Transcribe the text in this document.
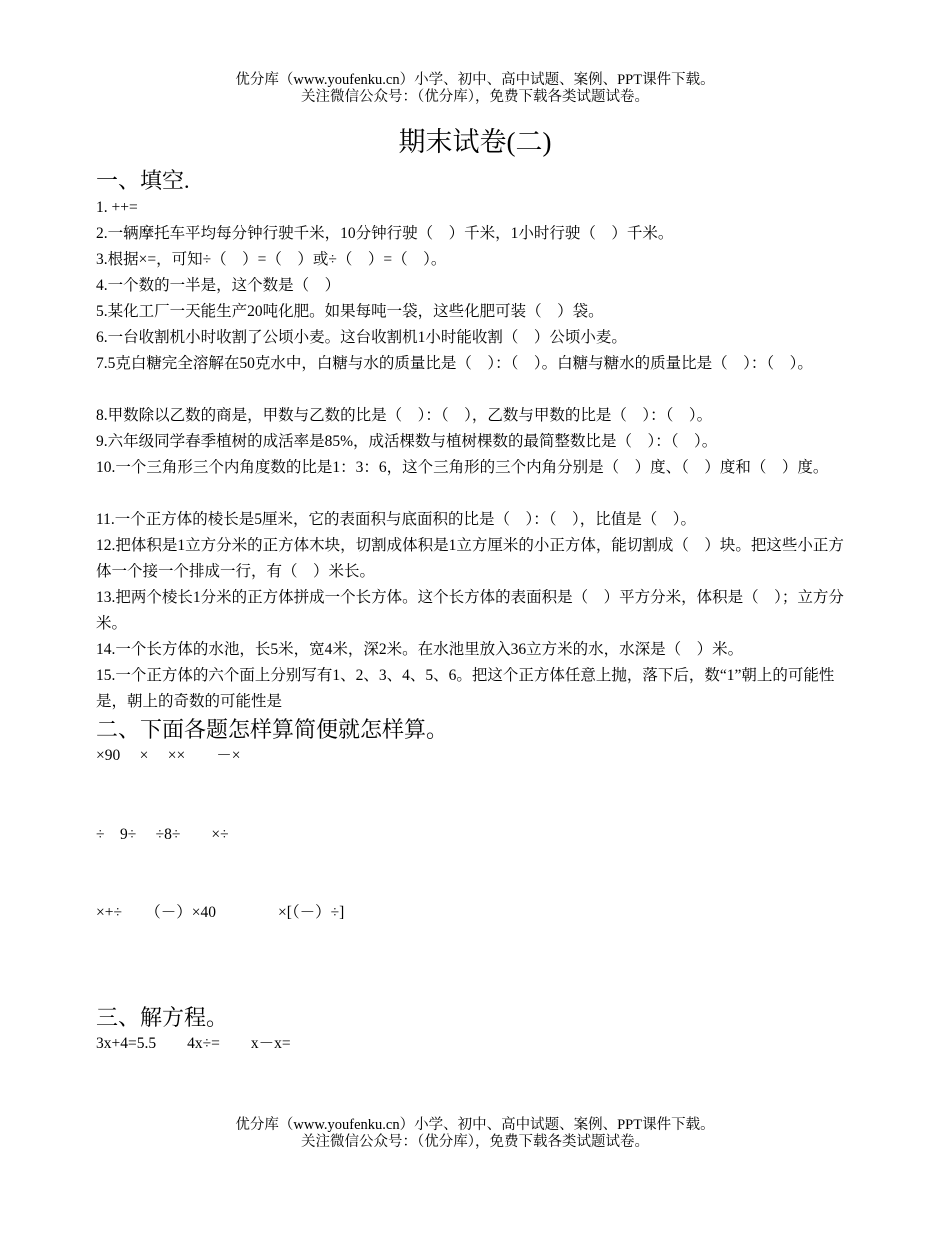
优分库（www.youfenku.cn）小学、初中、高中试题、案例、PPT课件下载。
关注微信公众号：（优分库），免费下载各类试题试卷。
期末试卷(二)
一、填空.
1. ++=
2.一辆摩托车平均每分钟行驶千米，10分钟行驶（　）千米，1小时行驶（　）千米。
3.根据×=，可知÷（　）=（　）或÷（　）=（　）。
4.一个数的一半是，这个数是（　）
5.某化工厂一天能生产20吨化肥。如果每吨一袋，这些化肥可装（　）袋。
6.一台收割机小时收割了公顷小麦。这台收割机1小时能收割（　）公顷小麦。
7.5克白糖完全溶解在50克水中，白糖与水的质量比是（　）：（　）。白糖与糖水的质量比是（　）：（　）。
8.甲数除以乙数的商是，甲数与乙数的比是（　）：（　），乙数与甲数的比是（　）：（　）。
9.六年级同学春季植树的成活率是85%，成活棵数与植树棵数的最简整数比是（　）：（　）。
10.一个三角形三个内角度数的比是1：3：6，这个三角形的三个内角分别是（　）度、（　）度和（　）度。
11.一个正方体的棱长是5厘米，它的表面积与底面积的比是（　）：（　），比值是（　）。
12.把体积是1立方分米的正方体木块，切割成体积是1立方厘米的小正方体，能切割成（　）块。把这些小正方体一个接一个排成一行，有（　）米长。
13.把两个棱长1分米的正方体拼成一个长方体。这个长方体的表面积是（　）平方分米，体积是（　）；立方分米。
14.一个长方体的水池，长5米，宽4米，深2米。在水池里放入36立方米的水，水深是（　）米。
15.一个正方体的六个面上分别写有1、2、3、4、5、6。把这个正方体任意上抛，落下后，数“1”朝上的可能性是，朝上的奇数的可能性是
二、下面各题怎样算简便就怎样算。
×90　 ×　 ××　　－×
÷　9÷　 ÷8÷　　×÷
×+÷　　（－）×40　　　　×[（－）÷]
三、解方程。
3x+4=5.5　　4x÷=　　x－x=
优分库（www.youfenku.cn）小学、初中、高中试题、案例、PPT课件下载。
关注微信公众号：（优分库），免费下载各类试题试卷。
